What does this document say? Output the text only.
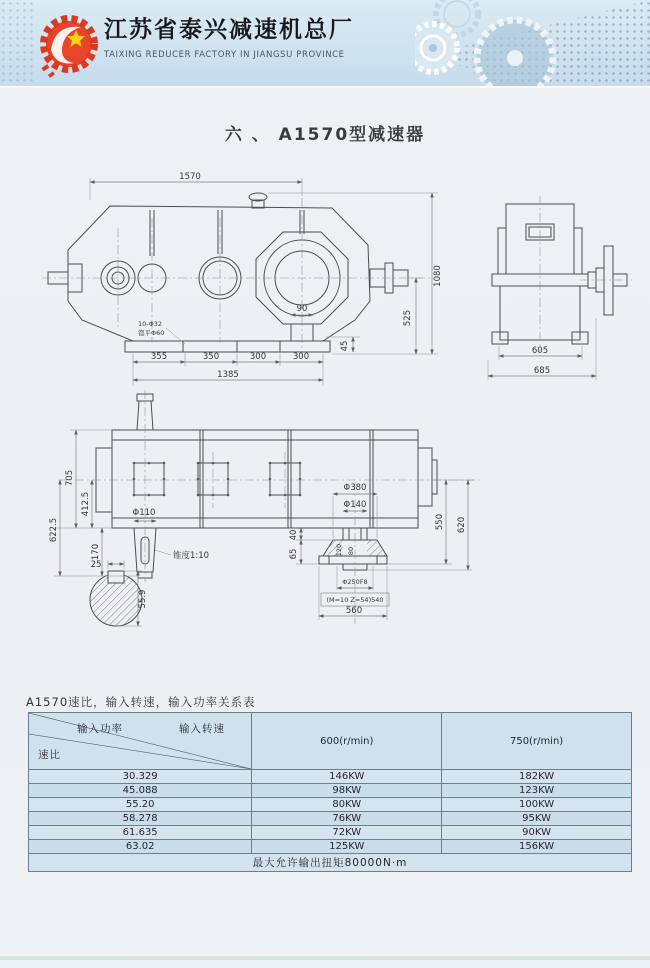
江苏省泰兴减速机总厂
TAIXING REDUCER FACTORY IN JIANGSU PROVINCE
六 、 A1570型减速器
1570
1080
525
45
90
355	350	300	300
1385
10-Φ32
锪平Φ60
605
685
705
622.5
412.5
170
Φ110
锥度1:10
25
55.9
Φ380
Φ140
40
65	120 80
Φ250F8
(M=10 Z=54)540
560
550 620
A1570速比，输入转速，输入功率关系表
输入功率 输入转速
速比	600(r/min)	750(r/min)
30.329	146KW	182KW
45.088	98KW	123KW
55.20	80KW	100KW
58.278	76KW	95KW
61.635	72KW	90KW
63.02	125KW	156KW
最大允许输出扭矩80000N·m		
